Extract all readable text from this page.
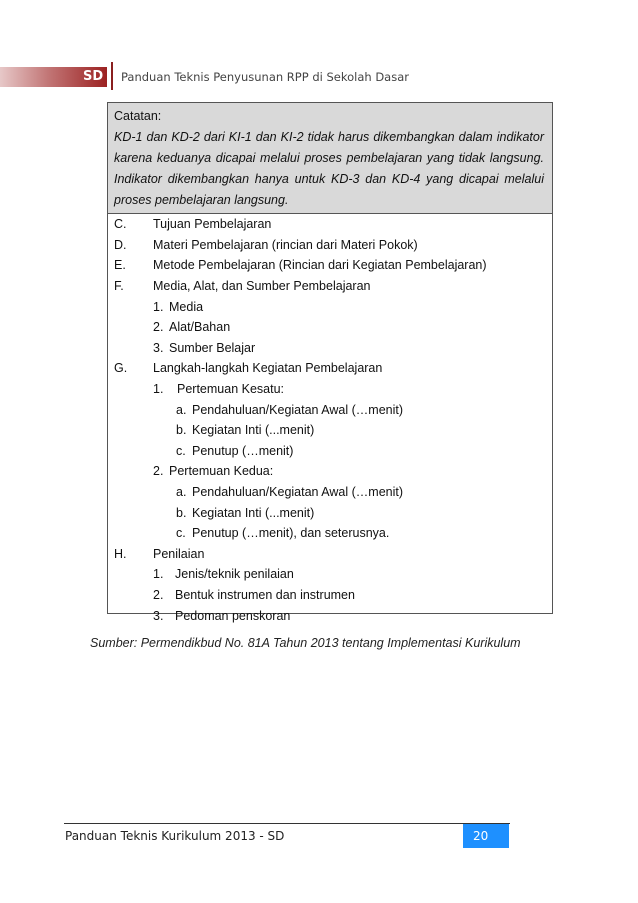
SD Panduan Teknis Penyusunan RPP di Sekolah Dasar
Catatan:
KD-1 dan KD-2 dari KI-1 dan KI-2 tidak harus dikembangkan dalam indikator karena keduanya dicapai melalui proses pembelajaran yang tidak langsung. Indikator dikembangkan hanya untuk KD-3 dan KD-4 yang dicapai melalui proses pembelajaran langsung.
C.	Tujuan Pembelajaran
D.	Materi Pembelajaran (rincian dari Materi Pokok)
E.	Metode Pembelajaran (Rincian dari Kegiatan Pembelajaran)
F.	Media, Alat, dan Sumber Pembelajaran
1. Media
2. Alat/Bahan
3. Sumber Belajar
G.	Langkah-langkah Kegiatan Pembelajaran
1.	Pertemuan Kesatu:
a. Pendahuluan/Kegiatan Awal (…menit)
b. Kegiatan Inti (...menit)
c. Penutup (…menit)
2. Pertemuan Kedua:
a. Pendahuluan/Kegiatan Awal (…menit)
b. Kegiatan Inti (...menit)
c. Penutup (…menit), dan seterusnya.
H.	Penilaian
1. Jenis/teknik penilaian
2. Bentuk instrumen dan instrumen
3. Pedoman penskoran
Sumber: Permendikbud No. 81A Tahun 2013 tentang Implementasi Kurikulum
Panduan Teknis Kurikulum 2013 - SD	20
